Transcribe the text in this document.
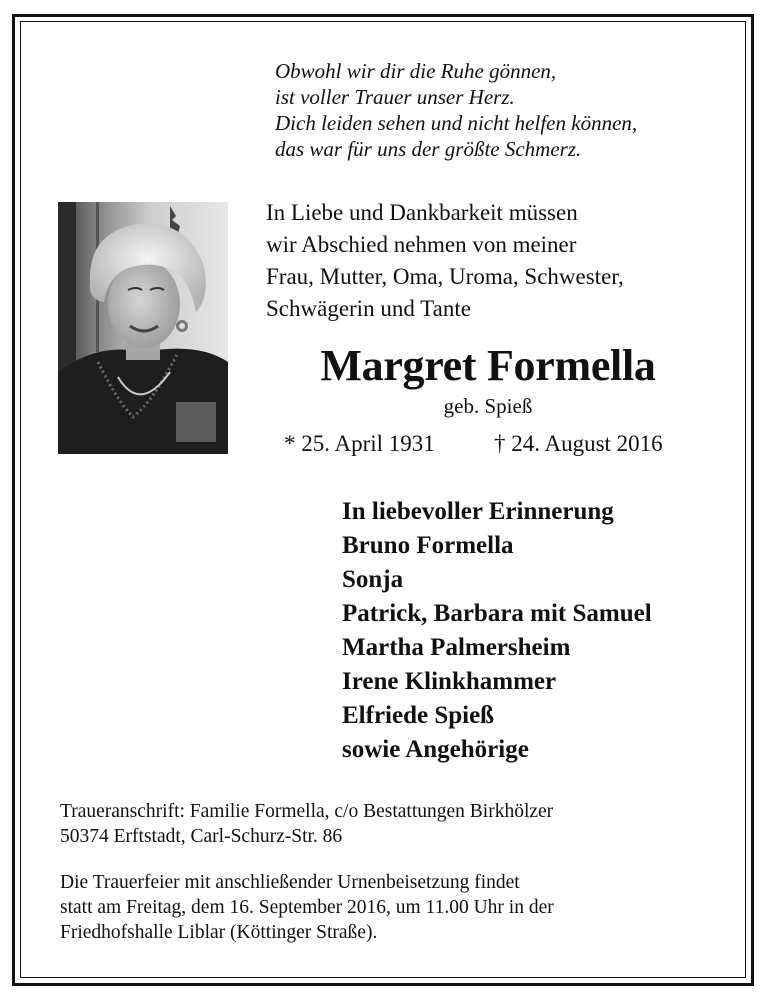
Obwohl wir dir die Ruhe gönnen,
ist voller Trauer unser Herz.
Dich leiden sehen und nicht helfen können,
das war für uns der größte Schmerz.
In Liebe und Dankbarkeit müssen
wir Abschied nehmen von meiner
Frau, Mutter, Oma, Uroma, Schwester,
Schwägerin und Tante
Margret Formella
geb. Spieß
* 25. April 1931	† 24. August 2016
In liebevoller Erinnerung
Bruno Formella
Sonja
Patrick, Barbara mit Samuel
Martha Palmersheim
Irene Klinkhammer
Elfriede Spieß
sowie Angehörige
Traueranschrift: Familie Formella, c/o Bestattungen Birkhölzer
50374 Erftstadt, Carl-Schurz-Str. 86
Die Trauerfeier mit anschließender Urnenbeisetzung findet
statt am Freitag, dem 16. September 2016, um 11.00 Uhr in der
Friedhofshalle Liblar (Köttinger Straße).
